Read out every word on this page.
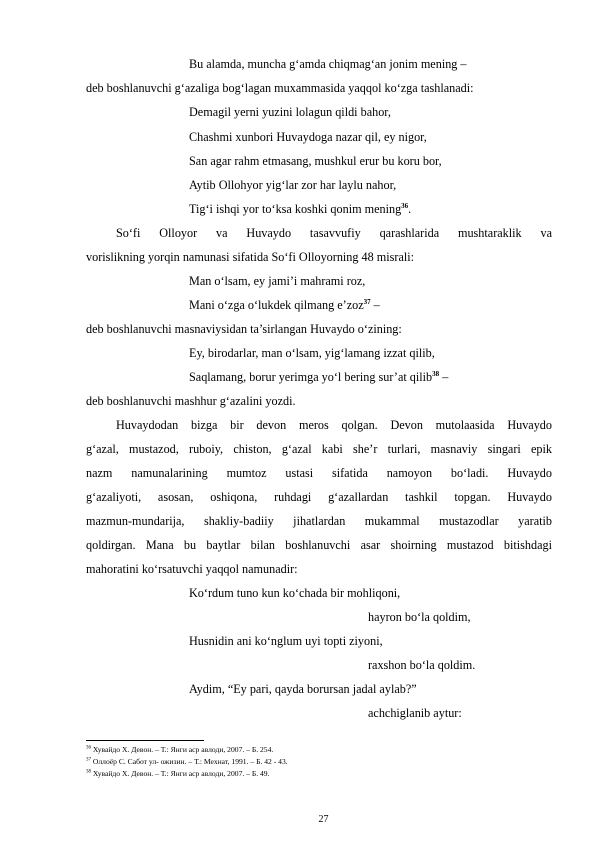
Bu alamda, muncha g‘amda chiqmag‘an jonim mening –
deb boshlanuvchi g‘azaliga bog‘lagan muxammasida yaqqol ko‘zga tashlanadi:
Demagil yerni yuzini lolagun qildi bahor,
Chashmi xunbori Huvaydoga nazar qil, ey nigor,
San agar rahm etmasang, mushkul erur bu koru bor,
Aytib Ollohyor yig‘lar zor har laylu nahor,
Tig‘i ishqi yor to‘ksa koshki qonim mening$^{36}$.
So‘fi Olloyor va Huvaydo tasavvufiy qarashlarida mushtaraklik va
vorislikning yorqin namunasi sifatida So‘fi Olloyorning 48 misrali:
Man o‘lsam, ey jami’i mahrami roz,
Mani o‘zga o‘lukdek qilmang e’zoz$^{37}$ –
deb boshlanuvchi masnaviysidan ta’sirlangan Huvaydo o‘zining:
Ey, birodarlar, man o‘lsam, yig‘lamang izzat qilib,
Saqlamang, borur yerimga yo‘l bering sur’at qilib$^{38}$ –
deb boshlanuvchi mashhur g‘azalini yozdi.
Huvaydodan bizga bir devon meros qolgan. Devon mutolaasida Huvaydo
g‘azal, mustazod, ruboiy, chiston, g‘azal kabi she’r turlari, masnaviy singari epik
nazm namunalarining mumtoz ustasi sifatida namoyon bo‘ladi. Huvaydo
g‘azaliyoti, asosan, oshiqona, ruhdagi g‘azallardan tashkil topgan. Huvaydo
mazmun-mundarija, shakliy-badiiy jihatlardan mukammal mustazodlar yaratib
qoldirgan. Mana bu baytlar bilan boshlanuvchi asar shoirning mustazod bitishdagi
mahoratini ko‘rsatuvchi yaqqol namunadir:
Ko‘rdum tuno kun ko‘chada bir mohliqoni,
hayron bo‘la qoldim,
Husnidin ani ko‘nglum uyi topti ziyoni,
raxshon bo‘la qoldim.
Aydim, “Ey pari, qayda borursan jadal aylab?”
achchiglanib aytur:
$^{36}$ Хувайдо Х. Девон. – Т.: Янги аср авлоди, 2007. – Б. 254.
$^{37}$ Оллоёр С. Сабот ул- ожизин. – Т.: Мехнат, 1991. – Б. 42 - 43.
$^{38}$ Хувайдо Х. Девон. – Т.: Янги аср авлоди, 2007. – Б. 49.
27
